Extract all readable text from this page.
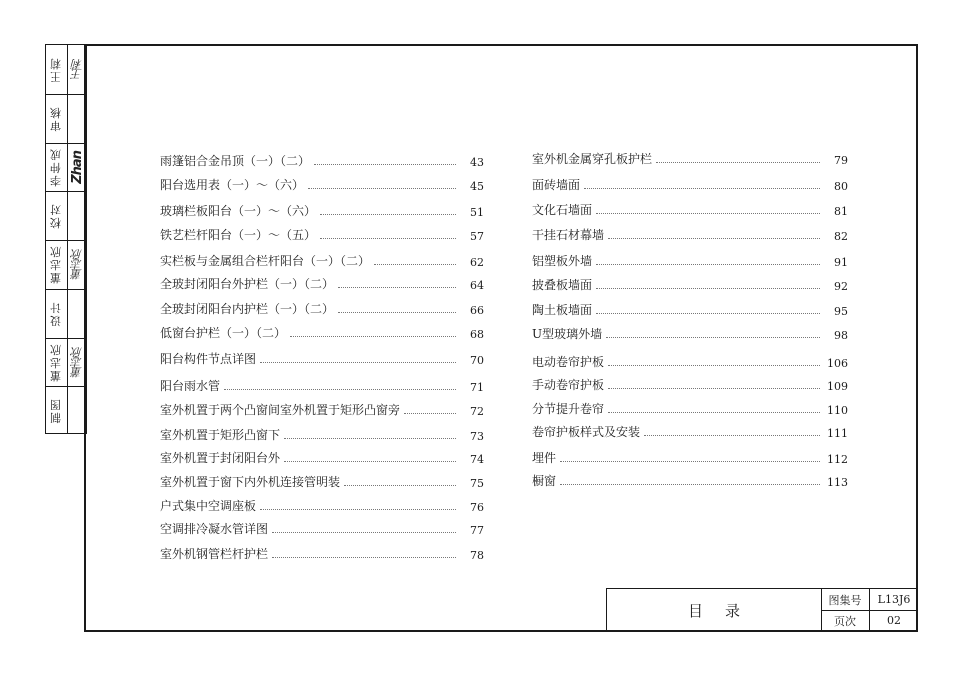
王莉 王莉
审核
李仲成 Zhan
校对
董志欣 董志欣
设计
董志欣 董志欣
制图
雨篷铝合金吊顶（一）（二）	43
阳台选用表（一）～（六）	45
玻璃栏板阳台（一）～（六）	51
铁艺栏杆阳台（一）～（五）	57
实栏板与金属组合栏杆阳台（一）（二）	62
全玻封闭阳台外护栏（一）（二）	64
全玻封闭阳台内护栏（一）（二）	66
低窗台护栏（一）（二）	68
阳台构件节点详图	70
阳台雨水管	71
室外机置于两个凸窗间室外机置于矩形凸窗旁	72
室外机置于矩形凸窗下	73
室外机置于封闭阳台外	74
室外机置于窗下内外机连接管明装	75
户式集中空调座板	76
空调排冷凝水管详图	77
室外机钢管栏杆护栏	78
室外机金属穿孔板护栏	79
面砖墙面	80
文化石墙面	81
干挂石材幕墙	82
铝塑板外墙	91
披叠板墙面	92
陶土板墙面	95
U型玻璃外墙	98
电动卷帘护板	106
手动卷帘护板	109
分节提升卷帘	110
卷帘护板样式及安装	111
埋件	112
橱窗	113
目录
图集号	L13J6
页次	02
